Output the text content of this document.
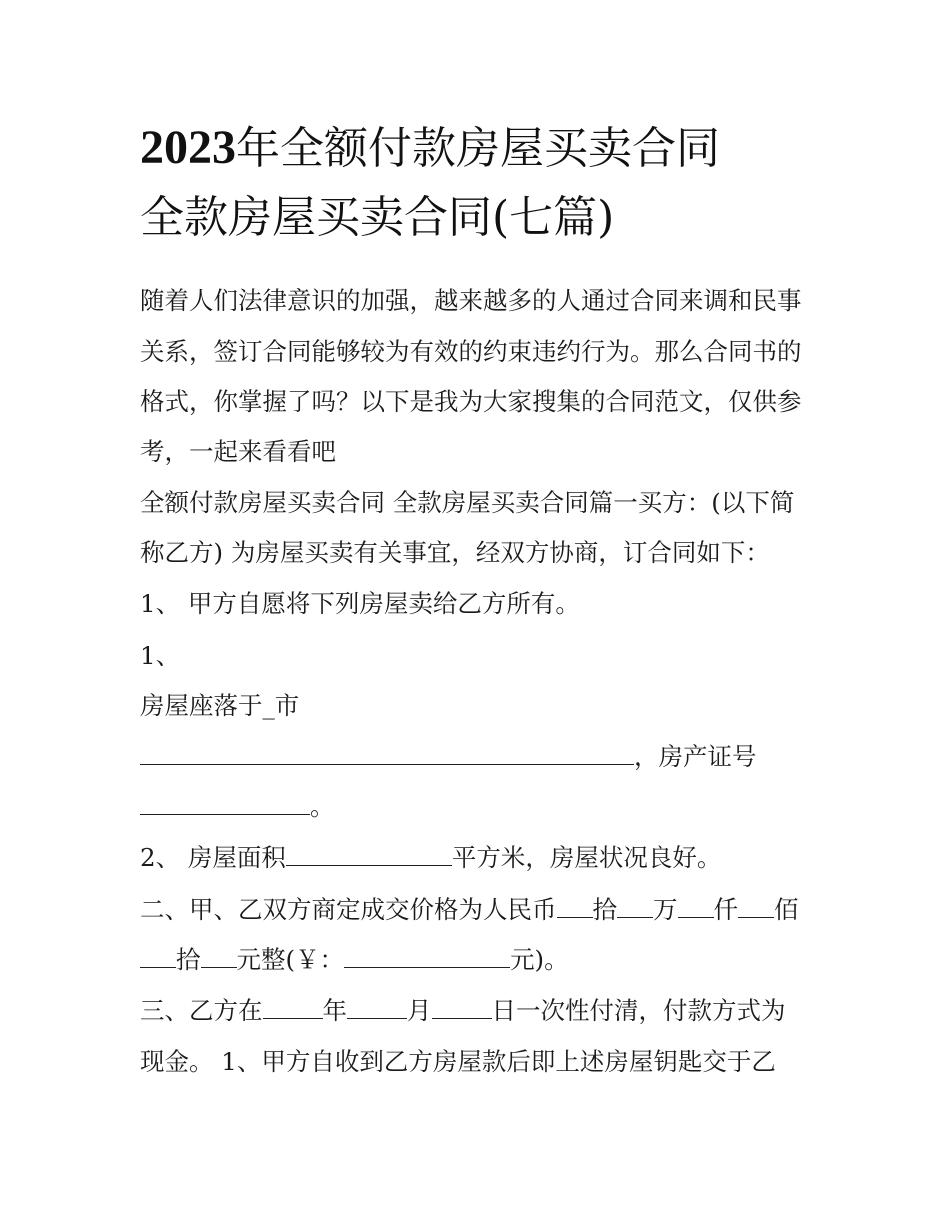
2023年全额付款房屋买卖合同
全款房屋买卖合同(七篇)
随着人们法律意识的加强，越来越多的人通过合同来调和民事
关系，签订合同能够较为有效的约束违约行为。那么合同书的
格式，你掌握了吗？以下是我为大家搜集的合同范文，仅供参
考，一起来看看吧
全额付款房屋买卖合同 全款房屋买卖合同篇一买方：(以下简
称乙方) 为房屋买卖有关事宜，经双方协商，订合同如下：
1、 甲方自愿将下列房屋卖给乙方所有。
1、
房屋座落于_市
，房产证号
。
2、 房屋面积	平方米，房屋状况良好。
二、甲、乙双方商定成交价格为人民币 拾 万 仟 佰
拾 元整(￥：	元)。
三、乙方在 年 月 日一次性付清，付款方式为
现金。 1、甲方自收到乙方房屋款后即上述房屋钥匙交于乙
